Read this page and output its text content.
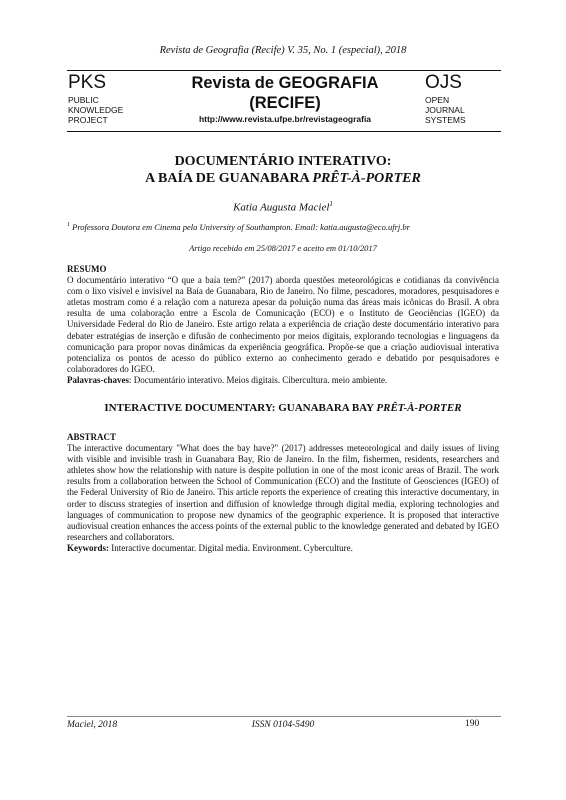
Revista de Geografia (Recife) V. 35, No. 1 (especial), 2018
PKS
PUBLIC
KNOWLEDGE
PROJECT
Revista de GEOGRAFIA
(RECIFE)
http://www.revista.ufpe.br/revistageografia
OJS
OPEN
JOURNAL
SYSTEMS
DOCUMENTÁRIO INTERATIVO:
A BAÍA DE GUANABARA PRÊT-À-PORTER
Katia Augusta Maciel$^1$
$^1$ Professora Doutora em Cinema pela University of Southampton. Email: katia.augusta@eco.ufrj.br
Artigo recebido em 25/08/2017 e aceito em 01/10/2017
RESUMO
O documentário interativo “O que a baía tem?” (2017) aborda questões meteorológicas e cotidianas da convivência com o lixo visível e invisível na Baía de Guanabara, Rio de Janeiro. No filme, pescadores, moradores, pesquisadores e atletas mostram como é a relação com a natureza apesar da poluição numa das áreas mais icônicas do Brasil. A obra resulta de uma colaboração entre a Escola de Comunicação (ECO) e o Instituto de Geociências (IGEO) da Universidade Federal do Rio de Janeiro. Este artigo relata a experiência de criação deste documentário interativo para debater estratégias de inserção e difusão de conhecimento por meios digitais, explorando tecnologias e linguagens da comunicação para propor novas dinâmicas da experiência geográfica. Propõe-se que a criação audiovisual interativa potencializa os pontos de acesso do público externo ao conhecimento gerado e debatido por pesquisadores e colaboradores do IGEO.
Palavras-chaves: Documentário interativo. Meios digitais. Cibercultura. meio ambiente.
INTERACTIVE DOCUMENTARY: GUANABARA BAY PRÊT-À-PORTER
ABSTRACT
The interactive documentary "What does the bay have?" (2017) addresses meteorological and daily issues of living with visible and invisible trash in Guanabara Bay, Rio de Janeiro. In the film, fishermen, residents, researchers and athletes show how the relationship with nature is despite pollution in one of the most iconic areas of Brazil. The work results from a collaboration between the School of Communication (ECO) and the Institute of Geosciences (IGEO) of the Federal University of Rio de Janeiro. This article reports the experience of creating this interactive documentary, in order to discuss strategies of insertion and diffusion of knowledge through digital media, exploring technologies and languages of communication to propose new dynamics of the geographic experience. It is proposed that interactive audiovisual creation enhances the access points of the external public to the knowledge generated and debated by IGEO researchers and collaborators.
Keywords: Interactive documentar. Digital media. Environment. Cyberculture.
Maciel, 2018	ISSN 0104-5490	190
